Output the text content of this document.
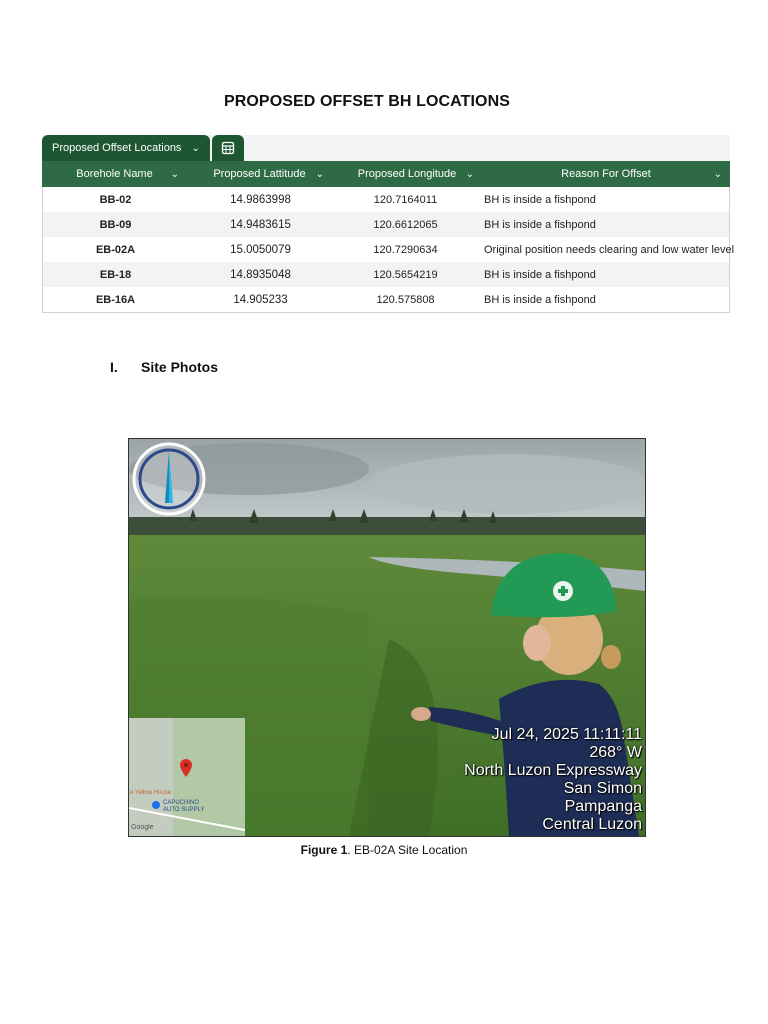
PROPOSED OFFSET BH LOCATIONS
Proposed Offset Locations ⌄
Borehole Name ⌄	Proposed Lattitude ⌄	Proposed Longitude ⌄	Reason For Offset	⌄
BB-02	14.9863998	120.7164011	BH is inside a fishpond
BB-09	14.9483615	120.6612065	BH is inside a fishpond
EB-02A	15.0050079	120.7290634	Original position needs clearing and low water level
EB-18	14.8935048	120.5654219	BH is inside a fishpond
EB-16A	14.905233	120.575808	BH is inside a fishpond
I. Site Photos
e Yellow House
CAPUCHINO
AUTO SUPPLY
Google
Jul 24, 2025 11:11:11
268° W
North Luzon Expressway
San Simon
Pampanga
Central Luzon
Figure 1. EB-02A Site Location
